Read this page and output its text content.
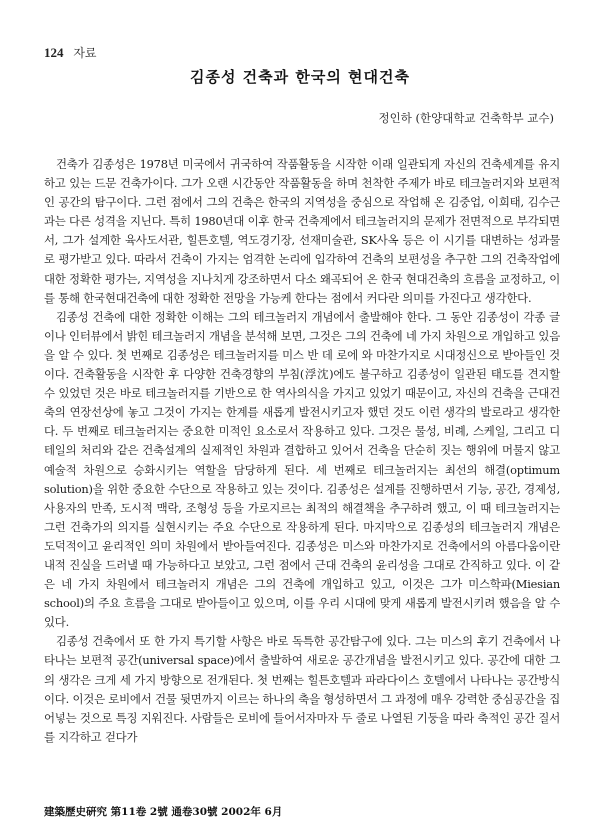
124 자료
김종성 건축과 한국의 현대건축
정인하 (한양대학교 건축학부 교수)

건축가 김종성은 1978년 미국에서 귀국하여 작품활동을 시작한 이래 일관되게 자신의 건축세계를 유지하고 있는 드문 건축가이다. 그가 오랜 시간동안 작품활동을 하며 천착한 주제가 바로 테크놀러지와 보편적인 공간의 탐구이다. 그런 점에서 그의 건축은 한국의 지역성을 중심으로 작업해 온 김중업, 이희태, 김수근과는 다른 성격을 지닌다. 특히 1980년대 이후 한국 건축계에서 테크놀러지의 문제가 전면적으로 부각되면서, 그가 설계한 육사도서관, 힐튼호텔, 역도경기장, 선재미술관, SK사옥 등은 이 시기를 대변하는 성과물로 평가받고 있다. 따라서 건축이 가지는 엄격한 논리에 입각하여 건축의 보편성을 추구한 그의 건축작업에 대한 정확한 평가는, 지역성을 지나치게 강조하면서 다소 왜곡되어 온 한국 현대건축의 흐름을 교정하고, 이를 통해 한국현대건축에 대한 정확한 전망을 가능케 한다는 점에서 커다란 의미를 가진다고 생각한다.

김종성 건축에 대한 정확한 이해는 그의 테크놀러지 개념에서 출발해야 한다. 그 동안 김종성이 각종 글이나 인터뷰에서 밝힌 테크놀러지 개념을 분석해 보면, 그것은 그의 건축에 네 가지 차원으로 개입하고 있음을 알 수 있다. 첫 번째로 김종성은 테크놀러지를 미스 반 데 로에 와 마찬가지로 시대정신으로 받아들인 것이다. 건축활동을 시작한 후 다양한 건축경향의 부침(浮沈)에도 불구하고 김종성이 일관된 태도를 견지할 수 있었던 것은 바로 테크놀러지를 기반으로 한 역사의식을 가지고 있었기 때문이고, 자신의 건축을 근대건축의 연장선상에 놓고 그것이 가지는 한계를 새롭게 발전시키고자 했던 것도 이런 생각의 발로라고 생각한다. 두 번째로 테크놀러지는 중요한 미적인 요소로서 작용하고 있다. 그것은 물성, 비례, 스케일, 그리고 디테일의 처리와 같은 건축설계의 실제적인 차원과 결합하고 있어서 건축을 단순히 짓는 행위에 머물지 않고 예술적 차원으로 승화시키는 역할을 담당하게 된다. 세 번째로 테크놀러지는 최선의 해결(optimum solution)을 위한 중요한 수단으로 작용하고 있는 것이다. 김종성은 설계를 진행하면서 기능, 공간, 경제성, 사용자의 만족, 도시적 맥락, 조형성 등을 가로지르는 최적의 해결책을 추구하려 했고, 이 때 테크놀러지는 그런 건축가의 의지를 실현시키는 주요 수단으로 작용하게 된다. 마지막으로 김종성의 테크놀러지 개념은 도덕적이고 윤리적인 의미 차원에서 받아들여진다. 김종성은 미스와 마찬가지로 건축에서의 아름다움이란 내적 진실을 드러낼 때 가능하다고 보았고, 그런 점에서 근대 건축의 윤리성을 그대로 간직하고 있다. 이 같은 네 가지 차원에서 테크놀러지 개념은 그의 건축에 개입하고 있고, 이것은 그가 미스학파(Miesian school)의 주요 흐름을 그대로 받아들이고 있으며, 이를 우리 시대에 맞게 새롭게 발전시키려 했음을 알 수 있다.

김종성 건축에서 또 한 가지 특기할 사항은 바로 독특한 공간탐구에 있다. 그는 미스의 후기 건축에서 나타나는 보편적 공간(universal space)에서 출발하여 새로운 공간개념을 발전시키고 있다. 공간에 대한 그의 생각은 크게 세 가지 방향으로 전개된다. 첫 번째는 힐튼호텔과 파라다이스 호텔에서 나타나는 공간방식이다. 이것은 로비에서 건물 뒷면까지 이르는 하나의 축을 형성하면서 그 과정에 매우 강력한 중심공간을 집어넣는 것으로 특징 지워진다. 사람들은 로비에 들어서자마자 두 줄로 나열된 기둥을 따라 축적인 공간 질서를 지각하고 걷다가

建築歷史硏究 第11卷 2號 通卷30號 2002年 6月
